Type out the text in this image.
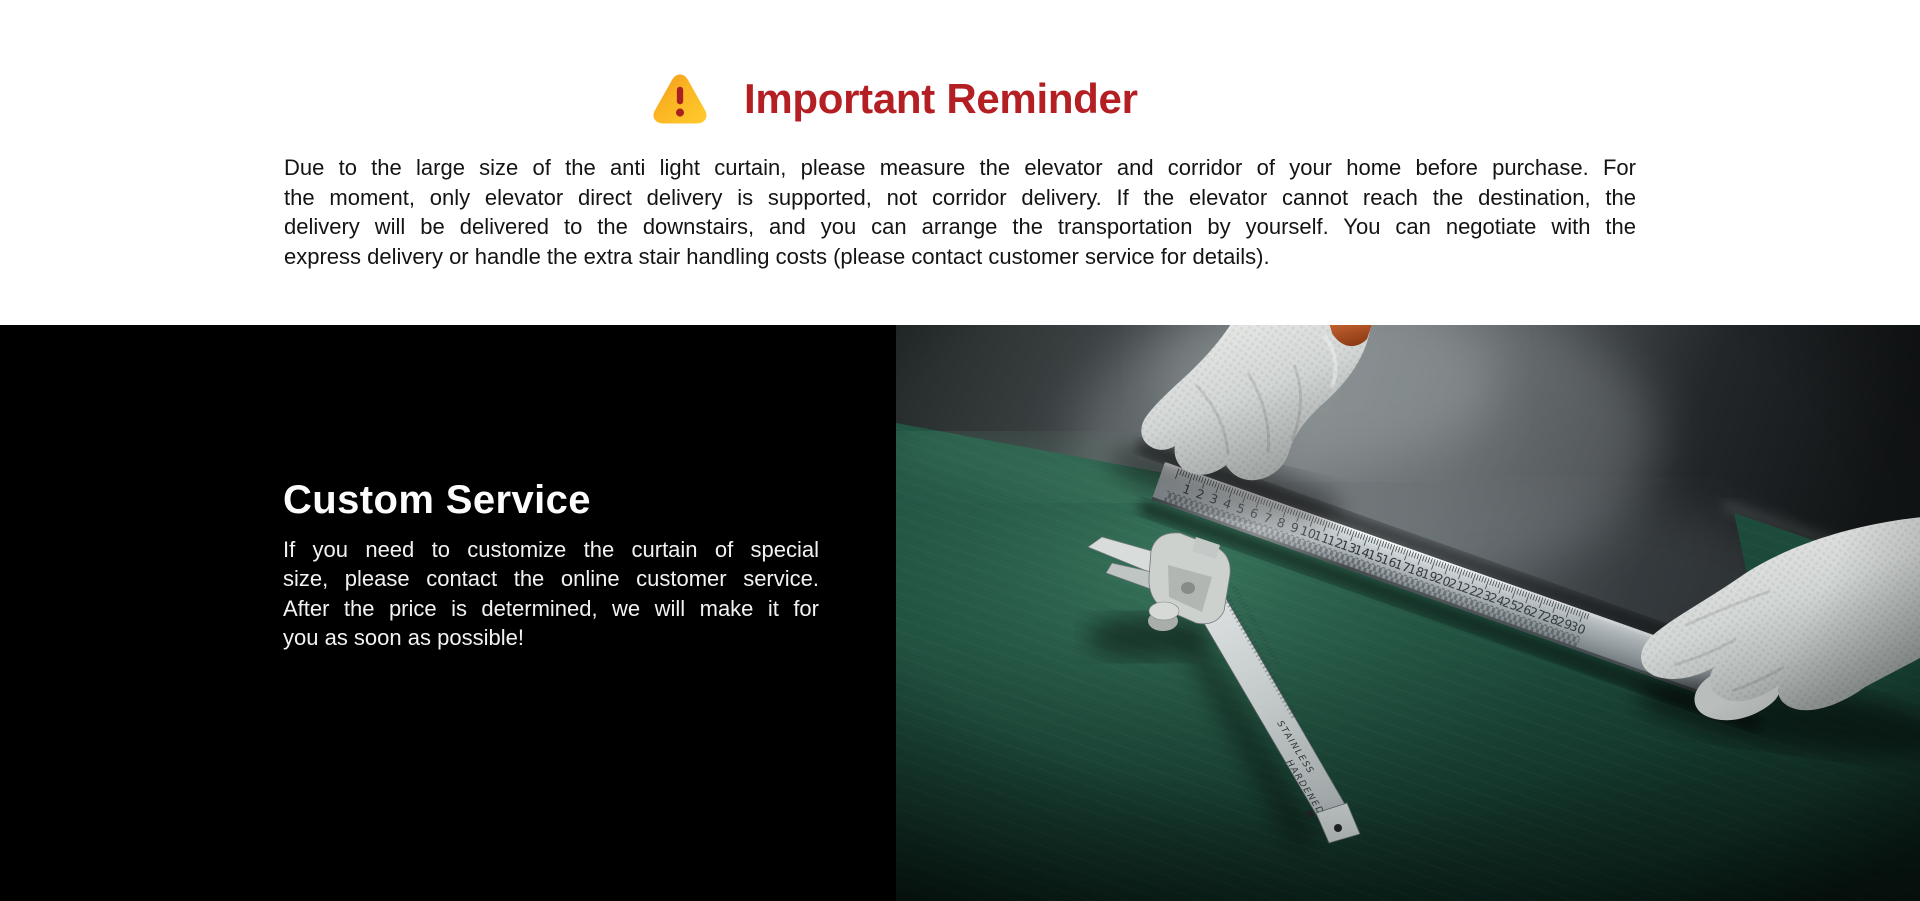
Important Reminder
Due to the large size of the anti light curtain, please measure the elevator and corridor of your home before purchase. For
the moment, only elevator direct delivery is supported, not corridor delivery. If the elevator cannot reach the destination, the
delivery will be delivered to the downstairs, and you can arrange the transportation by yourself. You can negotiate with the
express delivery or handle the extra stair handling costs (please contact customer service for details).
Custom Service
If you need to customize the curtain of special
size, please contact the online customer service.
After the price is determined, we will make it for
you as soon as possible!
